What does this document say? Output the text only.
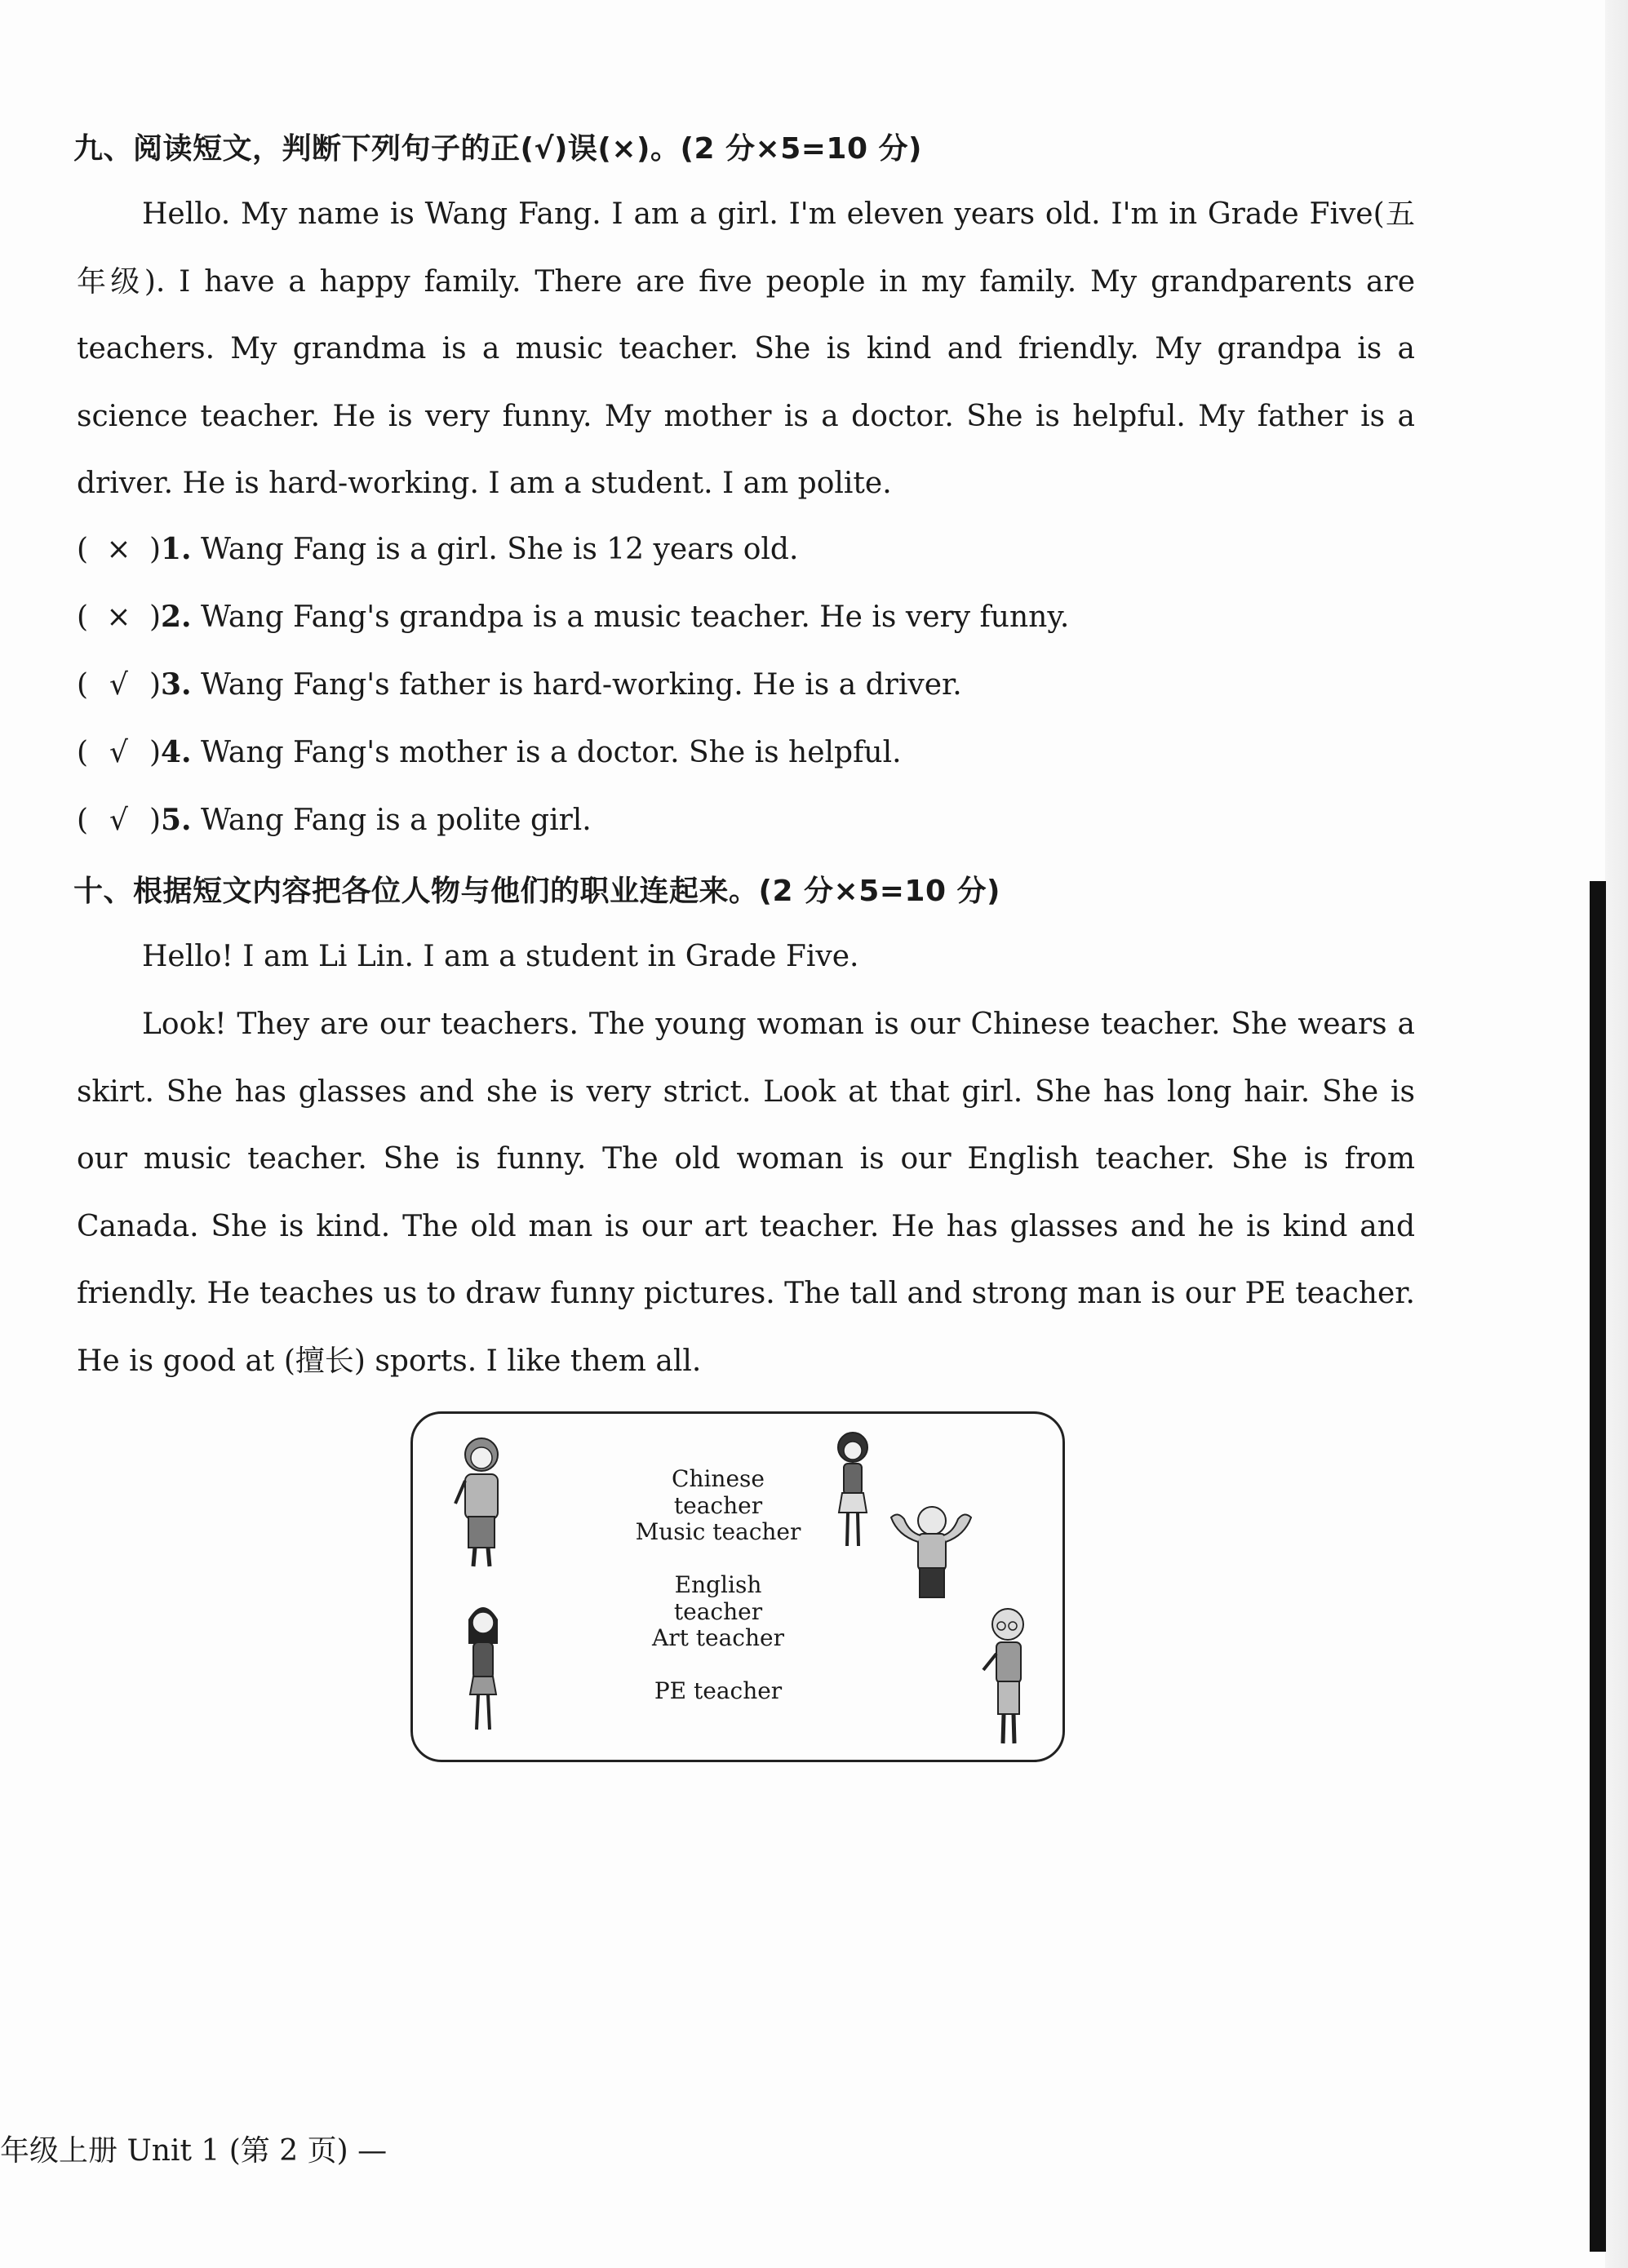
九、阅读短文，判断下列句子的正(√)误(×)。(2 分×5=10 分)

Hello. My name is Wang Fang. I am a girl. I'm eleven years old. I'm in Grade Five(五年级). I have a happy family. There are five people in my family. My grandparents are teachers. My grandma is a music teacher. She is kind and friendly. My grandpa is a science teacher. He is very funny. My mother is a doctor. She is helpful. My father is a driver. He is hard-working. I am a student. I am polite.

( × )1. Wang Fang is a girl. She is 12 years old.
( × )2. Wang Fang's grandpa is a music teacher. He is very funny.
( √ )3. Wang Fang's father is hard-working. He is a driver.
( √ )4. Wang Fang's mother is a doctor. She is helpful.
( √ )5. Wang Fang is a polite girl.
十、根据短文内容把各位人物与他们的职业连起来。(2 分×5=10 分)

Hello! I am Li Lin. I am a student in Grade Five.

Look! They are our teachers. The young woman is our Chinese teacher. She wears a skirt. She has glasses and she is very strict. Look at that girl. She has long hair. She is our music teacher. She is funny. The old woman is our English teacher. She is from Canada. She is kind. The old man is our art teacher. He has glasses and he is kind and friendly. He teaches us to draw funny pictures. The tall and strong man is our PE teacher. He is good at (擅长) sports. I like them all.

Chinese teacher
Music teacher
English teacher
Art teacher
PE teacher
年级上册 Unit 1 (第 2 页) —
